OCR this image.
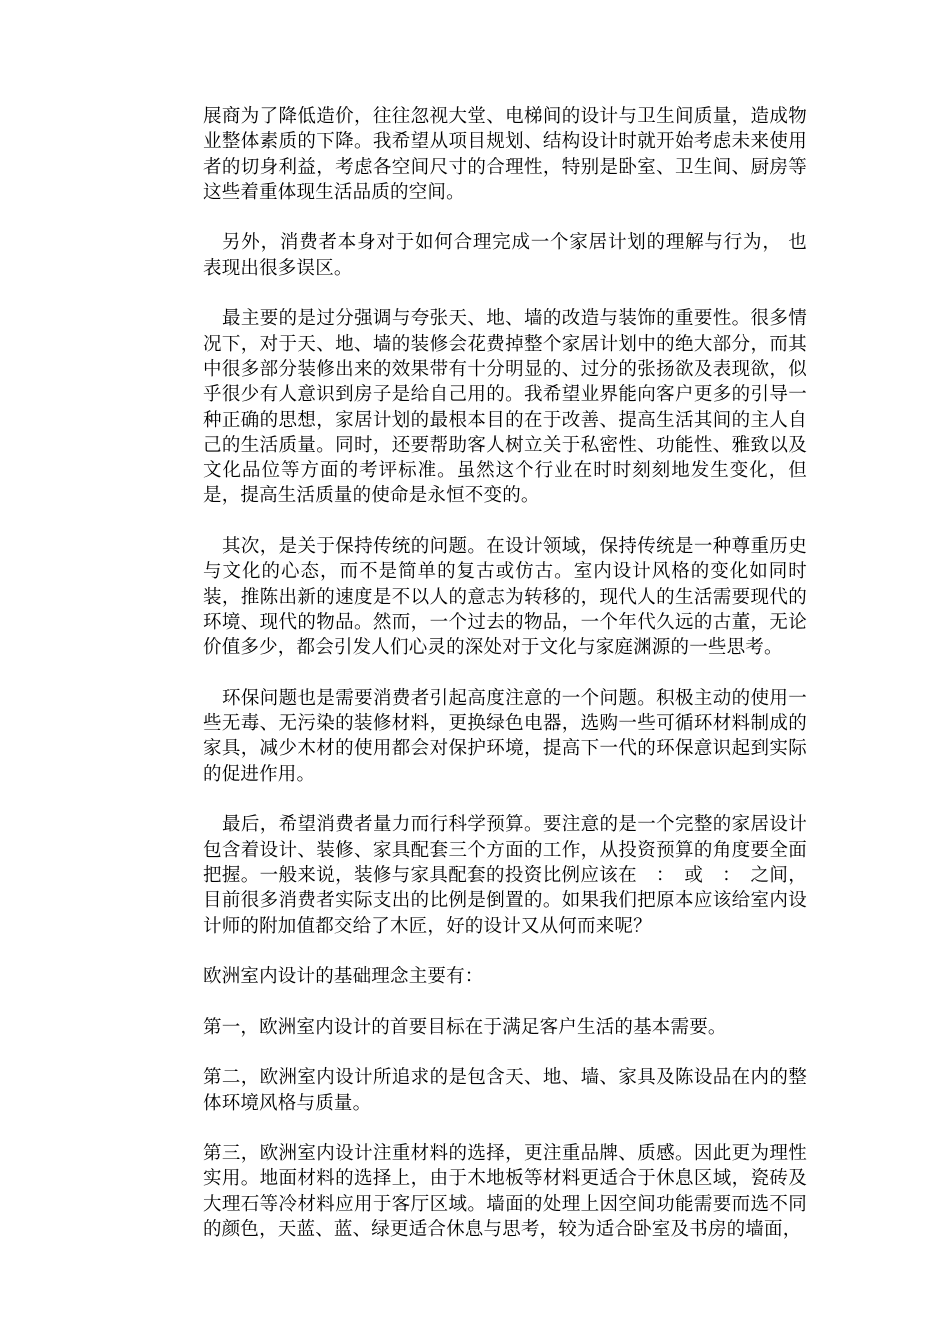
展商为了降低造价，往往忽视大堂、电梯间的设计与卫生间质量，造成物业整体素质的下降。我希望从项目规划、结构设计时就开始考虑未来使用者的切身利益，考虑各空间尺寸的合理性，特别是卧室、卫生间、厨房等这些着重体现生活品质的空间。

另外，消费者本身对于如何合理完成一个家居计划的理解与行为， 也表现出很多误区。

最主要的是过分强调与夸张天、地、墙的改造与装饰的重要性。很多情况下，对于天、地、墙的装修会花费掉整个家居计划中的绝大部分，而其中很多部分装修出来的效果带有十分明显的、过分的张扬欲及表现欲，似乎很少有人意识到房子是给自己用的。我希望业界能向客户更多的引导一种正确的思想，家居计划的最根本目的在于改善、提高生活其间的主人自己的生活质量。同时，还要帮助客人树立关于私密性、功能性、雅致以及文化品位等方面的考评标准。虽然这个行业在时时刻刻地发生变化，但是，提高生活质量的使命是永恒不变的。

其次，是关于保持传统的问题。在设计领域，保持传统是一种尊重历史与文化的心态，而不是简单的复古或仿古。室内设计风格的变化如同时装，推陈出新的速度是不以人的意志为转移的，现代人的生活需要现代的环境、现代的物品。然而，一个过去的物品，一个年代久远的古董，无论价值多少，都会引发人们心灵的深处对于文化与家庭渊源的一些思考。

环保问题也是需要消费者引起高度注意的一个问题。积极主动的使用一些无毒、无污染的装修材料，更换绿色电器，选购一些可循环材料制成的家具，减少木材的使用都会对保护环境，提高下一代的环保意识起到实际的促进作用。

最后，希望消费者量力而行科学预算。要注意的是一个完整的家居设计包含着设计、装修、家具配套三个方面的工作，从投资预算的角度要全面把握。一般来说，装修与家具配套的投资比例应该在　：　或　：　之间，目前很多消费者实际支出的比例是倒置的。如果我们把原本应该给室内设计师的附加值都交给了木匠，好的设计又从何而来呢？

欧洲室内设计的基础理念主要有：

第一，欧洲室内设计的首要目标在于满足客户生活的基本需要。

第二，欧洲室内设计所追求的是包含天、地、墙、家具及陈设品在内的整体环境风格与质量。

第三，欧洲室内设计注重材料的选择，更注重品牌、质感。因此更为理性实用。地面材料的选择上，由于木地板等材料更适合于休息区域，瓷砖及大理石等冷材料应用于客厅区域。墙面的处理上因空间功能需要而选不同的颜色，天蓝、蓝、绿更适合休息与思考，较为适合卧室及书房的墙面，
